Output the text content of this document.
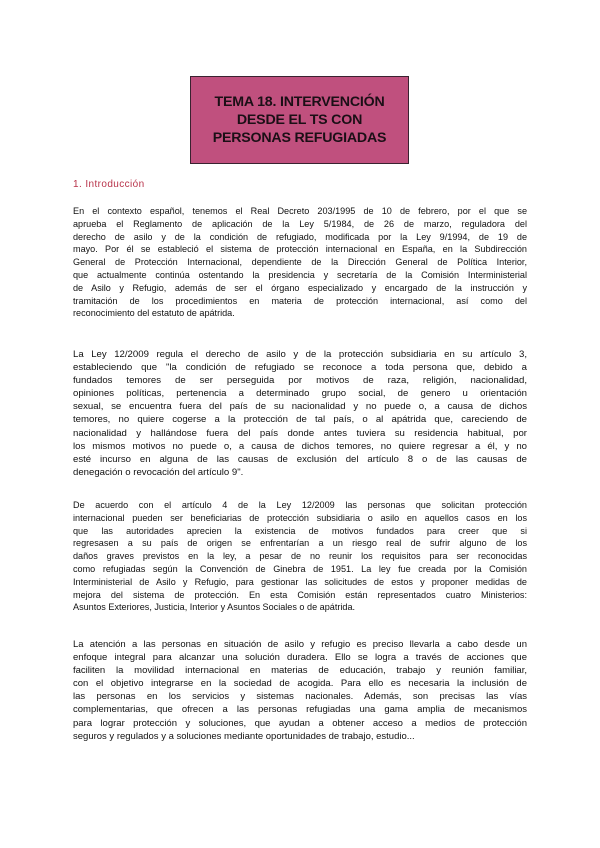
TEMA 18. INTERVENCIÓN
DESDE EL TS CON
PERSONAS REFUGIADAS
1. Introducción

En el contexto español, tenemos el Real Decreto 203/1995 de 10 de febrero, por el que se
aprueba el Reglamento de aplicación de la Ley 5/1984, de 26 de marzo, reguladora del
derecho de asilo y de la condición de refugiado, modificada por la Ley 9/1994, de 19 de
mayo. Por él se estableció el sistema de protección internacional en España, en la Subdirección
General de Protección Internacional, dependiente de la Dirección General de Política Interior,
que actualmente continúa ostentando la presidencia y secretaría de la Comisión Interministerial
de Asilo y Refugio, además de ser el órgano especializado y encargado de la instrucción y
tramitación de los procedimientos en materia de protección internacional, así como del
reconocimiento del estatuto de apátrida.

La Ley 12/2009 regula el derecho de asilo y de la protección subsidiaria en su artículo 3,
estableciendo que "la condición de refugiado se reconoce a toda persona que, debido a
fundados temores de ser perseguida por motivos de raza, religión, nacionalidad,
opiniones políticas, pertenencia a determinado grupo social, de genero u orientación
sexual, se encuentra fuera del país de su nacionalidad y no puede o, a causa de dichos
temores, no quiere cogerse a la protección de tal país, o al apátrida que, careciendo de
nacionalidad y hallándose fuera del país donde antes tuviera su residencia habitual, por
los mismos motivos no puede o, a causa de dichos temores, no quiere regresar a él, y no
esté incurso en alguna de las causas de exclusión del artículo 8 o de las causas de
denegación o revocación del artículo 9".

De acuerdo con el artículo 4 de la Ley 12/2009 las personas que solicitan protección
internacional pueden ser beneficiarias de protección subsidiaria o asilo en aquellos casos en los
que las autoridades aprecien la existencia de motivos fundados para creer que si
regresasen a su país de origen se enfrentarían a un riesgo real de sufrir alguno de los
daños graves previstos en la ley, a pesar de no reunir los requisitos para ser reconocidas
como refugiadas según la Convención de Ginebra de 1951. La ley fue creada por la Comisión
Interministerial de Asilo y Refugio, para gestionar las solicitudes de estos y proponer medidas de
mejora del sistema de protección. En esta Comisión están representados cuatro Ministerios:
Asuntos Exteriores, Justicia, Interior y Asuntos Sociales o de apátrida.

La atención a las personas en situación de asilo y refugio es preciso llevarla a cabo desde un
enfoque integral para alcanzar una solución duradera. Ello se logra a través de acciones que
faciliten la movilidad internacional en materias de educación, trabajo y reunión familiar,
con el objetivo integrarse en la sociedad de acogida. Para ello es necesaria la inclusión de
las personas en los servicios y sistemas nacionales. Además, son precisas las vías
complementarias, que ofrecen a las personas refugiadas una gama amplia de mecanismos
para lograr protección y soluciones, que ayudan a obtener acceso a medios de protección
seguros y regulados y a soluciones mediante oportunidades de trabajo, estudio...
